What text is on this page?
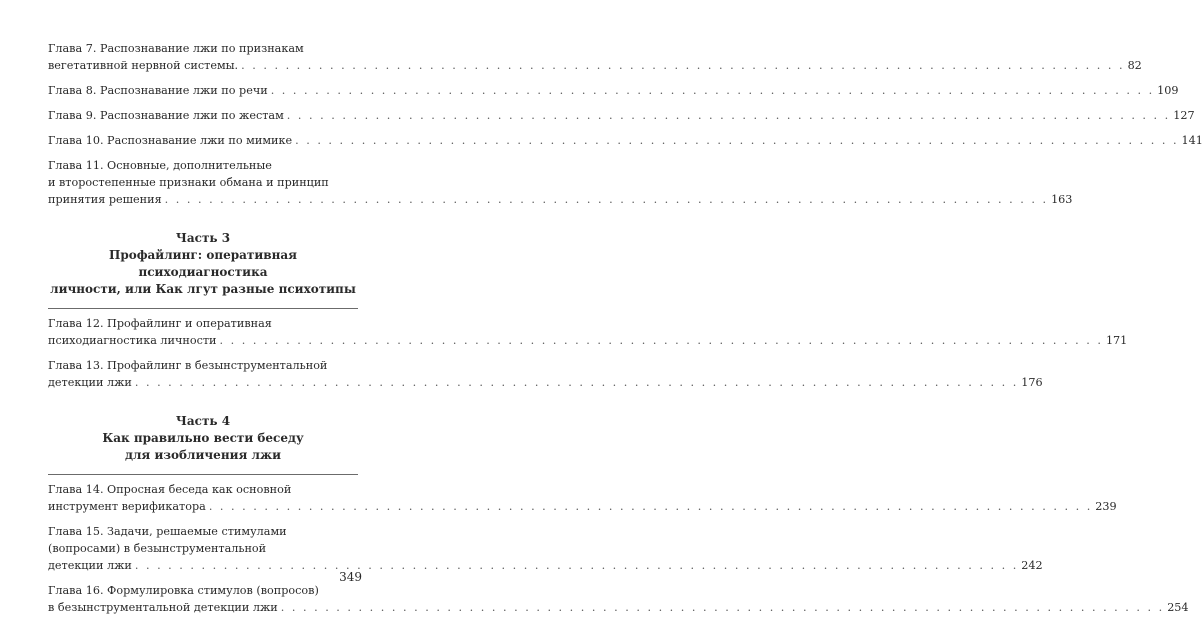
Глава 7. Распознавание лжи по признакам
вегетативной нервной системы. . . . . . . . . . . . . . . . . . . . . . . . . . . . . . . . . . . . . . . . . . . . . . . . . . . . . . . . . . . . . . . . . . . . . . . . . . . . . . . . . 82
Глава 8. Распознавание лжи по речи . . . . . . . . . . . . . . . . . . . . . . . . . . . . . . . . . . . . . . . . . . . . . . . . . . . . . . . . . . . . . . . . . . . . . . . . . . . . . . . . 109
Глава 9. Распознавание лжи по жестам . . . . . . . . . . . . . . . . . . . . . . . . . . . . . . . . . . . . . . . . . . . . . . . . . . . . . . . . . . . . . . . . . . . . . . . . . . . . . . . . 127
Глава 10. Распознавание лжи по мимике . . . . . . . . . . . . . . . . . . . . . . . . . . . . . . . . . . . . . . . . . . . . . . . . . . . . . . . . . . . . . . . . . . . . . . . . . . . . . . . . 141
Глава 11. Основные, дополнительные
и второстепенные признаки обмана и принцип
принятия решения . . . . . . . . . . . . . . . . . . . . . . . . . . . . . . . . . . . . . . . . . . . . . . . . . . . . . . . . . . . . . . . . . . . . . . . . . . . . . . . . 163
Часть 3
Профайлинг: оперативная психодиагностика
личности, или Как лгут разные психотипы
Глава 12. Профайлинг и оперативная
психодиагностика личности . . . . . . . . . . . . . . . . . . . . . . . . . . . . . . . . . . . . . . . . . . . . . . . . . . . . . . . . . . . . . . . . . . . . . . . . . . . . . . . . 171
Глава 13. Профайлинг в безынструментальной
детекции лжи . . . . . . . . . . . . . . . . . . . . . . . . . . . . . . . . . . . . . . . . . . . . . . . . . . . . . . . . . . . . . . . . . . . . . . . . . . . . . . . . 176
Часть 4
Как правильно вести беседу
для изобличения лжи
Глава 14. Опросная беседа как основной
инструмент верификатора . . . . . . . . . . . . . . . . . . . . . . . . . . . . . . . . . . . . . . . . . . . . . . . . . . . . . . . . . . . . . . . . . . . . . . . . . . . . . . . . 239
Глава 15. Задачи, решаемые стимулами
(вопросами) в безынструментальной
детекции лжи . . . . . . . . . . . . . . . . . . . . . . . . . . . . . . . . . . . . . . . . . . . . . . . . . . . . . . . . . . . . . . . . . . . . . . . . . . . . . . . . 242
Глава 16. Формулировка стимулов (вопросов)
в безынструментальной детекции лжи . . . . . . . . . . . . . . . . . . . . . . . . . . . . . . . . . . . . . . . . . . . . . . . . . . . . . . . . . . . . . . . . . . . . . . . . . . . . . . . . 254
349
